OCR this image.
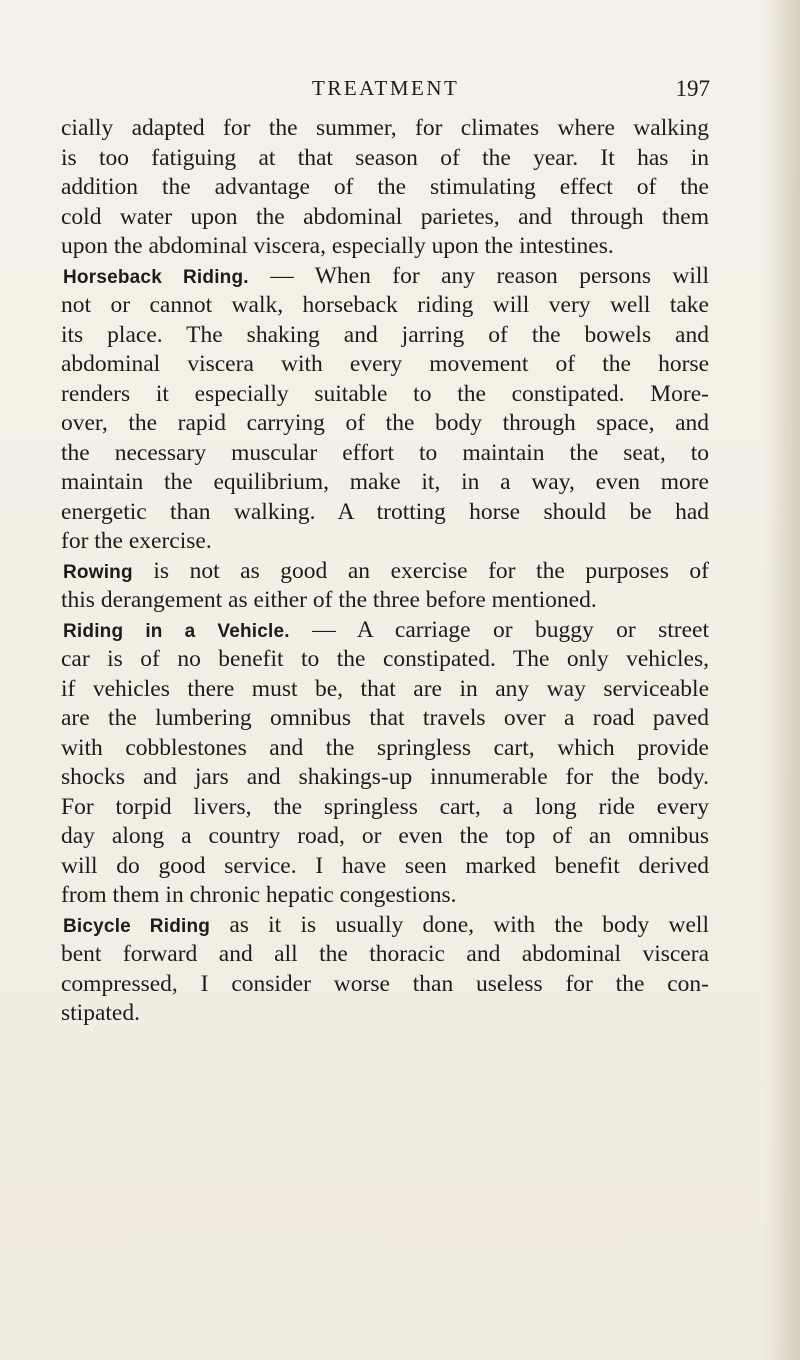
TREATMENT	197
cially adapted for the summer, for climates where walking
is too fatiguing at that season of the year. It has in
addition the advantage of the stimulating effect of the
cold water upon the abdominal parietes, and through them
upon the abdominal viscera, especially upon the intestines.
Horseback Riding. — When for any reason persons will
not or cannot walk, horseback riding will very well take
its place. The shaking and jarring of the bowels and
abdominal viscera with every movement of the horse
renders it especially suitable to the constipated. More-
over, the rapid carrying of the body through space, and
the necessary muscular effort to maintain the seat, to
maintain the equilibrium, make it, in a way, even more
energetic than walking. A trotting horse should be had
for the exercise.
Rowing is not as good an exercise for the purposes of
this derangement as either of the three before mentioned.
Riding in a Vehicle. — A carriage or buggy or street
car is of no benefit to the constipated. The only vehicles,
if vehicles there must be, that are in any way serviceable
are the lumbering omnibus that travels over a road paved
with cobblestones and the springless cart, which provide
shocks and jars and shakings-up innumerable for the body.
For torpid livers, the springless cart, a long ride every
day along a country road, or even the top of an omnibus
will do good service. I have seen marked benefit derived
from them in chronic hepatic congestions.
Bicycle Riding as it is usually done, with the body well
bent forward and all the thoracic and abdominal viscera
compressed, I consider worse than useless for the con-
stipated.
